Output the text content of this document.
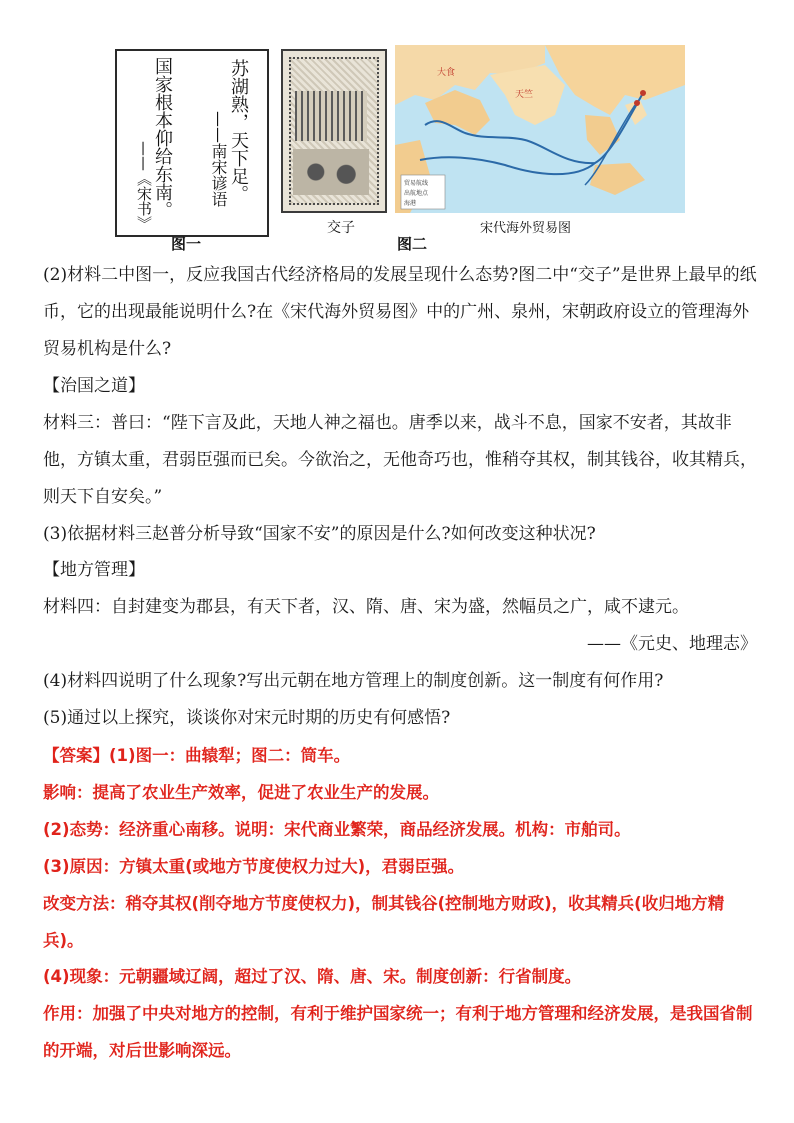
苏湖熟，天下足。
——南宋谚语
国家根本仰给东南。
——《宋书》
图一
交子
图二
大食
天竺
贸易航线
出航地点
海港
宋代海外贸易图
(2)材料二中图一，反应我国古代经济格局的发展呈现什么态势?图二中“交子”是世界上最早的纸币，它的出现最能说明什么?在《宋代海外贸易图》中的广州、泉州，宋朝政府设立的管理海外贸易机构是什么?
【治国之道】
材料三：普曰：“陛下言及此，天地人神之福也。唐季以来，战斗不息，国家不安者，其故非他，方镇太重，君弱臣强而已矣。今欲治之，无他奇巧也，惟稍夺其权，制其钱谷，收其精兵，则天下自安矣。”
(3)依据材料三赵普分析导致“国家不安”的原因是什么?如何改变这种状况?
【地方管理】
材料四：自封建变为郡县，有天下者，汉、隋、唐、宋为盛，然幅员之广，咸不逮元。
——《元史、地理志》
(4)材料四说明了什么现象?写出元朝在地方管理上的制度创新。这一制度有何作用?
(5)通过以上探究，谈谈你对宋元时期的历史有何感悟?
【答案】(1)图一：曲辕犁；图二：筒车。
影响：提高了农业生产效率，促进了农业生产的发展。
(2)态势：经济重心南移。说明：宋代商业繁荣，商品经济发展。机构：市舶司。
(3)原因：方镇太重(或地方节度使权力过大)，君弱臣强。
改变方法：稍夺其权(削夺地方节度使权力)，制其钱谷(控制地方财政)，收其精兵(收归地方精兵)。
(4)现象：元朝疆域辽阔，超过了汉、隋、唐、宋。制度创新：行省制度。
作用：加强了中央对地方的控制，有利于维护国家统一；有利于地方管理和经济发展，是我国省制的开端，对后世影响深远。
